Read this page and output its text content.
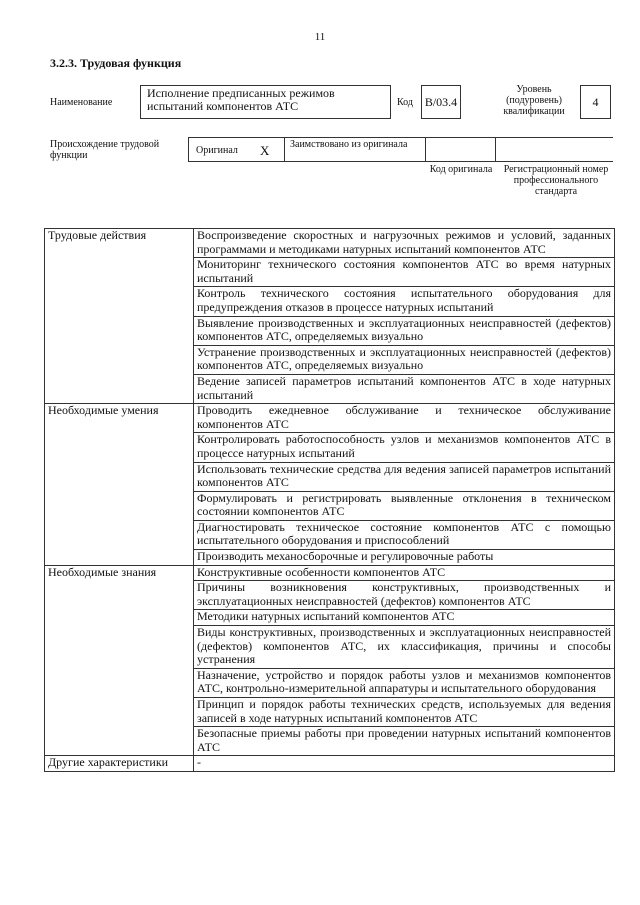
11
3.2.3. Трудовая функция
Наименование
Исполнение предписанных режимов испытаний компонентов АТС	Код B/03.4
Уровень (подуровень) квалификации
4
Происхождение трудовой функции	Оригинал X Заимствовано из оригинала
Код оригинала	Регистрационный номер профессионального стандарта
Трудовые действия	Воспроизведение скоростных и нагрузочных режимов и условий, заданных программами и методиками натурных испытаний компонентов АТС
	Мониторинг технического состояния компонентов АТС во время натурных испытаний
	Контроль технического состояния испытательного оборудования для предупреждения отказов в процессе натурных испытаний
	Выявление производственных и эксплуатационных неисправностей (дефектов) компонентов АТС, определяемых визуально
	Устранение производственных и эксплуатационных неисправностей (дефектов) компонентов АТС, определяемых визуально
	Ведение записей параметров испытаний компонентов АТС в ходе натурных испытаний
Необходимые умения	Проводить ежедневное обслуживание и техническое обслуживание компонентов АТС
	Контролировать работоспособность узлов и механизмов компонентов АТС в процессе натурных испытаний
	Использовать технические средства для ведения записей параметров испытаний компонентов АТС
	Формулировать и регистрировать выявленные отклонения в техническом состоянии компонентов АТС
	Диагностировать техническое состояние компонентов АТС с помощью испытательного оборудования и приспособлений
	Производить механосборочные и регулировочные работы
Необходимые знания	Конструктивные особенности компонентов АТС
	Причины возникновения конструктивных, производственных и эксплуатационных неисправностей (дефектов) компонентов АТС
	Методики натурных испытаний компонентов АТС
	Виды конструктивных, производственных и эксплуатационных неисправностей (дефектов) компонентов АТС, их классификация, причины и способы устранения
	Назначение, устройство и порядок работы узлов и механизмов компонентов АТС, контрольно-измерительной аппаратуры и испытательного оборудования
	Принцип и порядок работы технических средств, используемых для ведения записей в ходе натурных испытаний компонентов АТС
	Безопасные приемы работы при проведении натурных испытаний компонентов АТС
Другие характеристики	-
